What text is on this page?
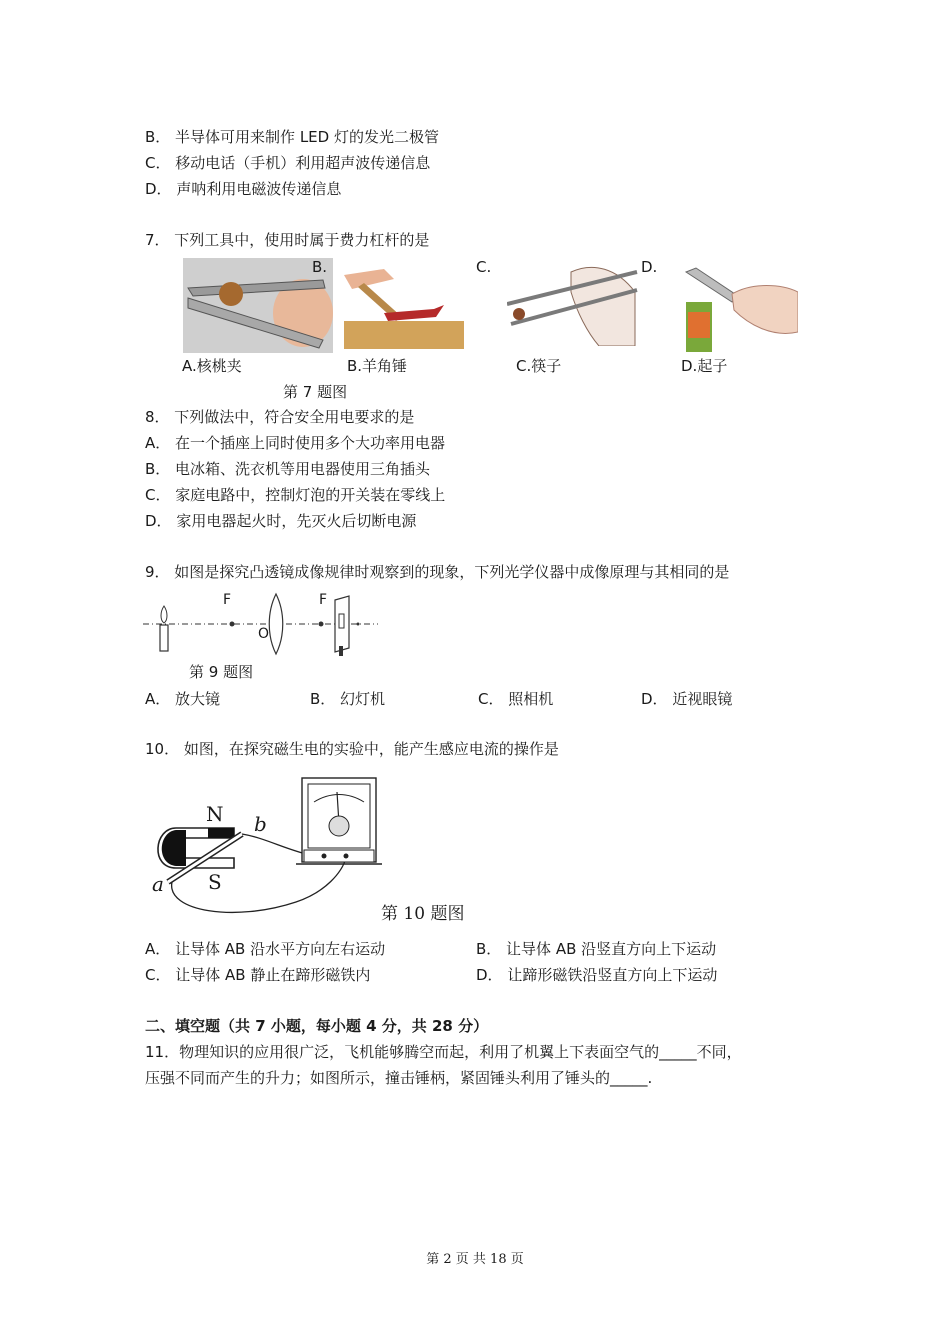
B． 半导体可用来制作 LED 灯的发光二极管
C． 移动电话（手机）利用超声波传递信息
D． 声呐利用电磁波传递信息
7． 下列工具中，使用时属于费力杠杆的是
B.	C.	D.
A.核桃夹	B.羊角锤	C.筷子	D.起子
第 7 题图
8． 下列做法中，符合安全用电要求的是
A． 在一个插座上同时使用多个大功率用电器
B． 电冰箱、洗衣机等用电器使用三角插头
C． 家庭电路中，控制灯泡的开关装在零线上
D． 家用电器起火时，先灭火后切断电源
9． 如图是探究凸透镜成像规律时观察到的现象，下列光学仪器中成像原理与其相同的是
F	F
O
第 9 题图
A． 放大镜	B． 幻灯机	C． 照相机	D． 近视眼镜
10． 如图，在探究磁生电的实验中，能产生感应电流的操作是
N
S
a
b
第 10 题图
A． 让导体 AB 沿水平方向左右运动	B． 让导体 AB 沿竖直方向上下运动
C． 让导体 AB 静止在蹄形磁铁内	D． 让蹄形磁铁沿竖直方向上下运动
二、填空题（共 7 小题，每小题 4 分，共 28 分）
11．物理知识的应用很广泛，飞机能够腾空而起，利用了机翼上下表面空气的_____不同，
压强不同而产生的升力；如图所示，撞击锤柄，紧固锤头利用了锤头的_____.
第 2 页 共 18 页
